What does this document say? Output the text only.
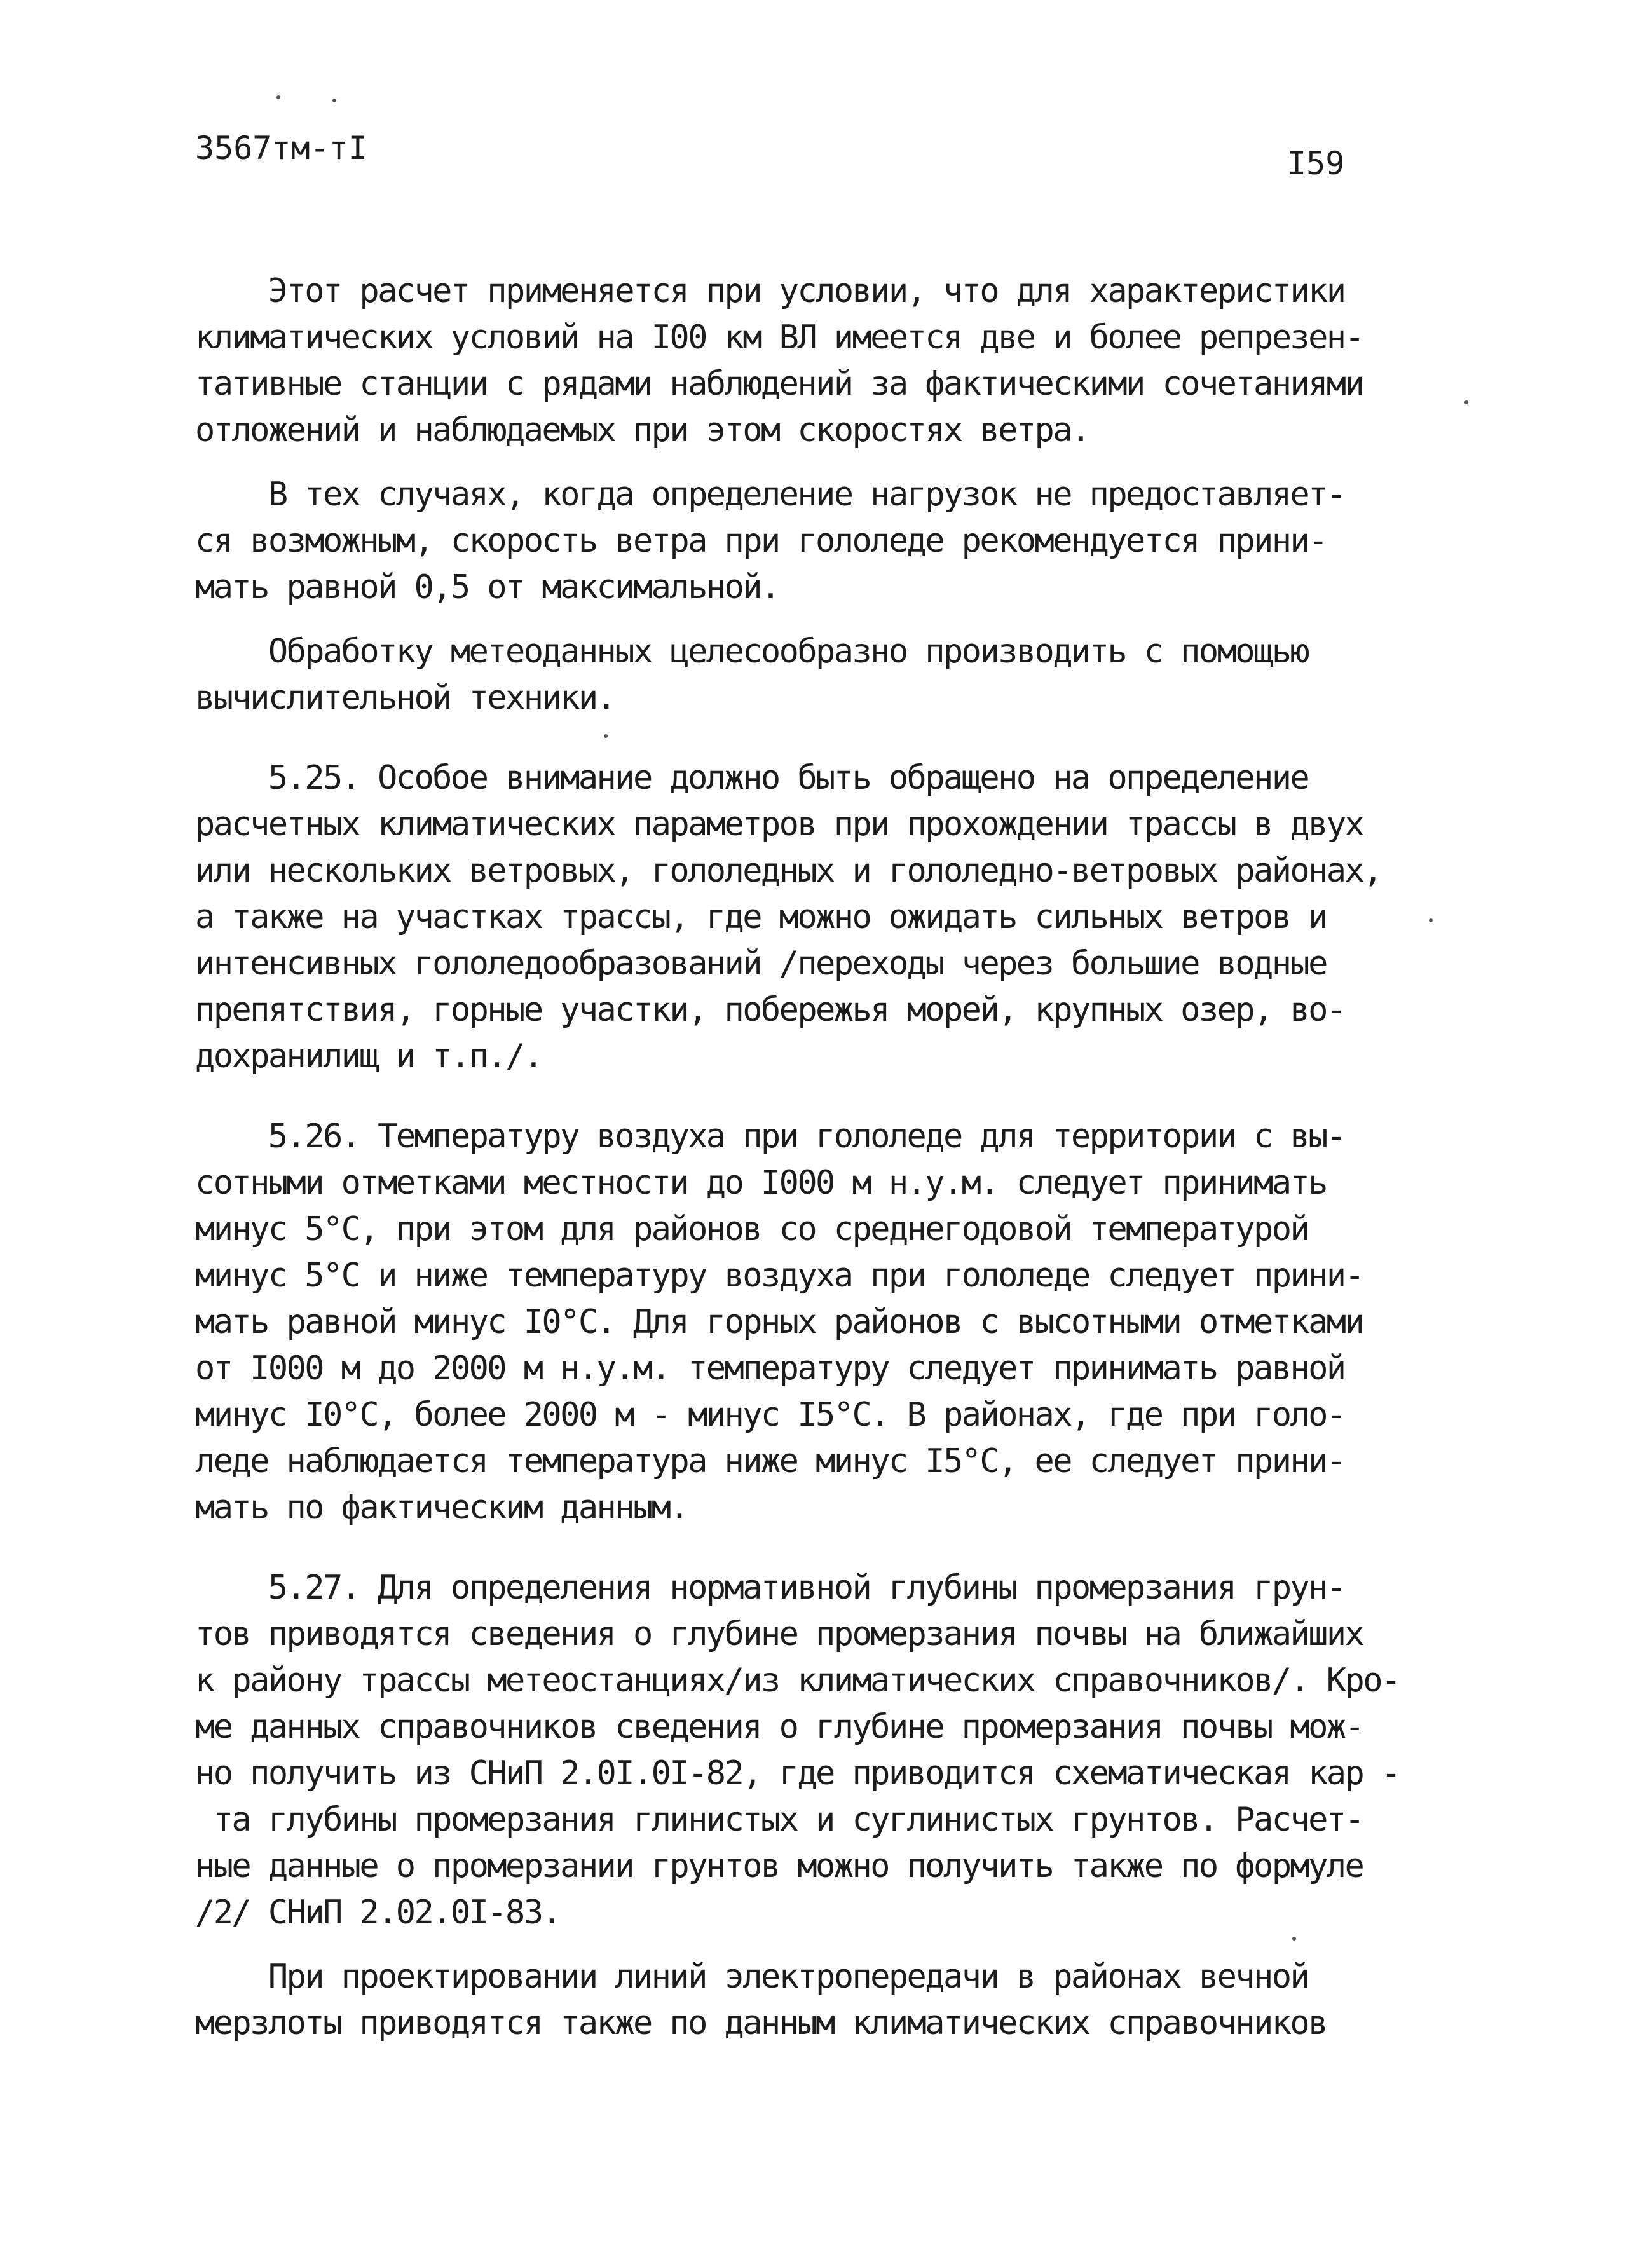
3567тм-тI	I59
Этот расчет применяется при условии, что для характеристики
климатических условий на I00 км ВЛ имеется две и более репрезен-
тативные станции с рядами наблюдений за фактическими сочетаниями
отложений и наблюдаемых при этом скоростях ветра.
В тех случаях, когда определение нагрузок не предоставляет-
ся возможным, скорость ветра при гололеде рекомендуется прини-
мать равной 0,5 от максимальной.
Обработку метеоданных целесообразно производить с помощью
вычислительной техники.
5.25. Особое внимание должно быть обращено на определение
расчетных климатических параметров при прохождении трассы в двух
или нескольких ветровых, гололедных и гололедно-ветровых районах,
а также на участках трассы, где можно ожидать сильных ветров и
интенсивных гололедообразований /переходы через большие водные
препятствия, горные участки, побережья морей, крупных озер, во-
дохранилищ и т.п./.
5.26. Температуру воздуха при гололеде для территории с вы-
сотными отметками местности до I000 м н.у.м. следует принимать
минус 5°С, при этом для районов со среднегодовой температурой
минус 5°С и ниже температуру воздуха при гололеде следует прини-
мать равной минус I0°С. Для горных районов с высотными отметками
от I000 м до 2000 м н.у.м. температуру следует принимать равной
минус I0°С, более 2000 м - минус I5°С. В районах, где при голо-
леде наблюдается температура ниже минус I5°С, ее следует прини-
мать по фактическим данным.
5.27. Для определения нормативной глубины промерзания грун-
тов приводятся сведения о глубине промерзания почвы на ближайших
к району трассы метеостанциях/из климатических справочников/. Кро-
ме данных справочников сведения о глубине промерзания почвы мож-
но получить из СНиП 2.0I.0I-82, где приводится схематическая кар -
та глубины промерзания глинистых и суглинистых грунтов. Расчет-
ные данные о промерзании грунтов можно получить также по формуле
/2/ СНиП 2.02.0I-83.
При проектировании линий электропередачи в районах вечной
мерзлоты приводятся также по данным климатических справочников
